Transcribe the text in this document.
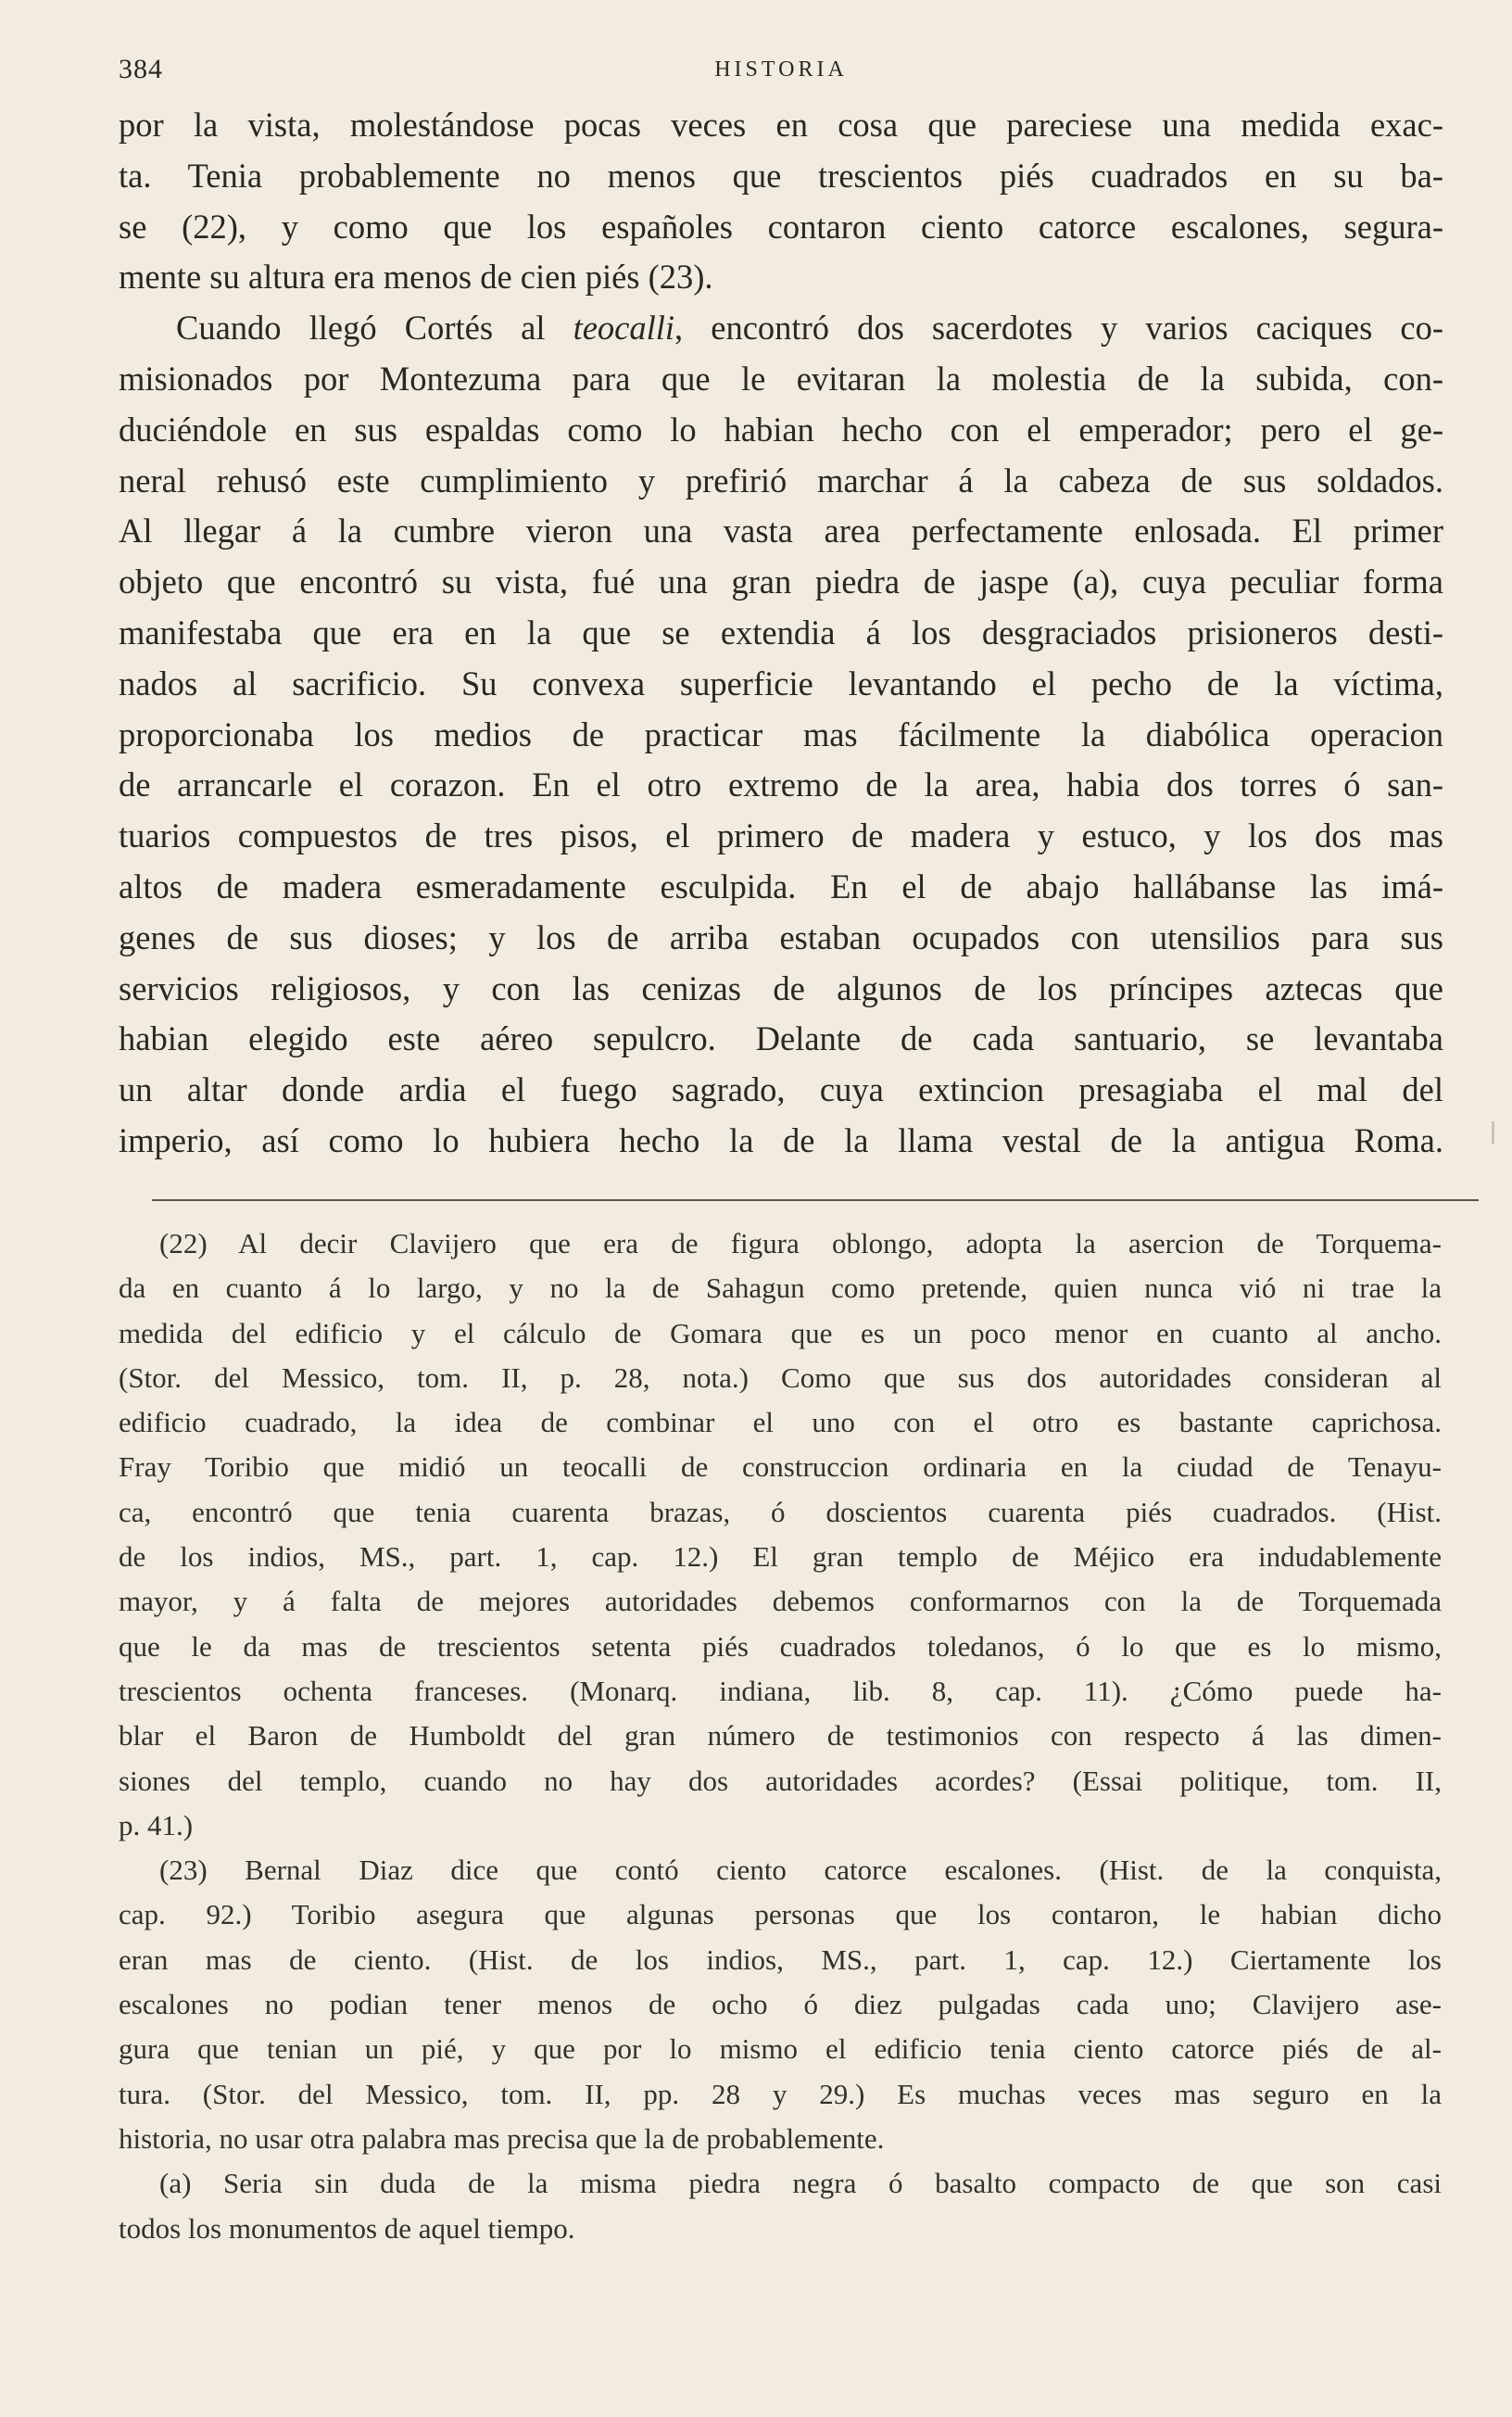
384	HISTORIA
por la vista, molestándose pocas veces en cosa que pareciese una medida exac-
ta. Tenia probablemente no menos que trescientos piés cuadrados en su ba-
se (22), y como que los españoles contaron ciento catorce escalones, segura-
mente su altura era menos de cien piés (23).
Cuando llegó Cortés al teocalli, encontró dos sacerdotes y varios caciques co-
misionados por Montezuma para que le evitaran la molestia de la subida, con-
duciéndole en sus espaldas como lo habian hecho con el emperador; pero el ge-
neral rehusó este cumplimiento y prefirió marchar á la cabeza de sus soldados.
Al llegar á la cumbre vieron una vasta area perfectamente enlosada. El primer
objeto que encontró su vista, fué una gran piedra de jaspe (a), cuya peculiar forma
manifestaba que era en la que se extendia á los desgraciados prisioneros desti-
nados al sacrificio. Su convexa superficie levantando el pecho de la víctima,
proporcionaba los medios de practicar mas fácilmente la diabólica operacion
de arrancarle el corazon. En el otro extremo de la area, habia dos torres ó san-
tuarios compuestos de tres pisos, el primero de madera y estuco, y los dos mas
altos de madera esmeradamente esculpida. En el de abajo hallábanse las imá-
genes de sus dioses; y los de arriba estaban ocupados con utensilios para sus
servicios religiosos, y con las cenizas de algunos de los príncipes aztecas que
habian elegido este aéreo sepulcro. Delante de cada santuario, se levantaba
un altar donde ardia el fuego sagrado, cuya extincion presagiaba el mal del
imperio, así como lo hubiera hecho la de la llama vestal de la antigua Roma.
(22) Al decir Clavijero que era de figura oblongo, adopta la asercion de Torquema-
da en cuanto á lo largo, y no la de Sahagun como pretende, quien nunca vió ni trae la
medida del edificio y el cálculo de Gomara que es un poco menor en cuanto al ancho.
(Stor. del Messico, tom. II, p. 28, nota.) Como que sus dos autoridades consideran al
edificio cuadrado, la idea de combinar el uno con el otro es bastante caprichosa.
Fray Toribio que midió un teocalli de construccion ordinaria en la ciudad de Tenayu-
ca, encontró que tenia cuarenta brazas, ó doscientos cuarenta piés cuadrados. (Hist.
de los indios, MS., part. 1, cap. 12.) El gran templo de Méjico era indudablemente
mayor, y á falta de mejores autoridades debemos conformarnos con la de Torquemada
que le da mas de trescientos setenta piés cuadrados toledanos, ó lo que es lo mismo,
trescientos ochenta franceses. (Monarq. indiana, lib. 8, cap. 11). ¿Cómo puede ha-
blar el Baron de Humboldt del gran número de testimonios con respecto á las dimen-
siones del templo, cuando no hay dos autoridades acordes? (Essai politique, tom. II,
p. 41.)
(23) Bernal Diaz dice que contó ciento catorce escalones. (Hist. de la conquista,
cap. 92.) Toribio asegura que algunas personas que los contaron, le habian dicho
eran mas de ciento. (Hist. de los indios, MS., part. 1, cap. 12.) Ciertamente los
escalones no podian tener menos de ocho ó diez pulgadas cada uno; Clavijero ase-
gura que tenian un pié, y que por lo mismo el edificio tenia ciento catorce piés de al-
tura. (Stor. del Messico, tom. II, pp. 28 y 29.) Es muchas veces mas seguro en la
historia, no usar otra palabra mas precisa que la de probablemente.
(a) Seria sin duda de la misma piedra negra ó basalto compacto de que son casi
todos los monumentos de aquel tiempo.
